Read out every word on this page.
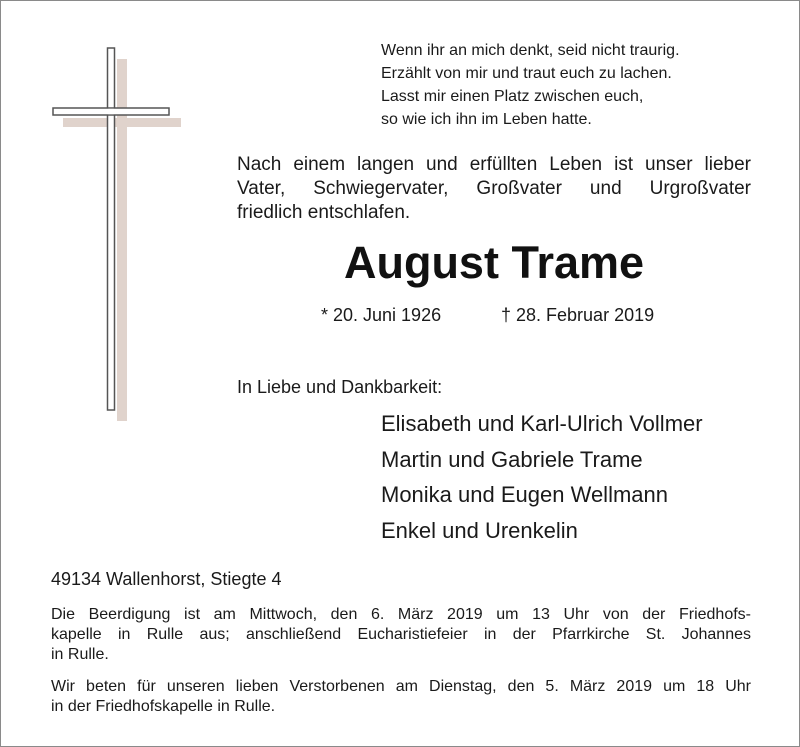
Wenn ihr an mich denkt, seid nicht traurig.
Erzählt von mir und traut euch zu lachen.
Lasst mir einen Platz zwischen euch,
so wie ich ihn im Leben hatte.
Nach einem langen und erfüllten Leben ist unser lieber
Vater, Schwiegervater, Großvater und Urgroßvater
friedlich entschlafen.
August Trame
* 20. Juni 1926	† 28. Februar 2019
In Liebe und Dankbarkeit:
Elisabeth und Karl-Ulrich Vollmer
Martin und Gabriele Trame
Monika und Eugen Wellmann
Enkel und Urenkelin
49134 Wallenhorst, Stiegte 4
Die Beerdigung ist am Mittwoch, den 6. März 2019 um 13 Uhr von der Friedhofs-
kapelle in Rulle aus; anschließend Eucharistiefeier in der Pfarrkirche St. Johannes
in Rulle.
Wir beten für unseren lieben Verstorbenen am Dienstag, den 5. März 2019 um 18 Uhr
in der Friedhofskapelle in Rulle.
